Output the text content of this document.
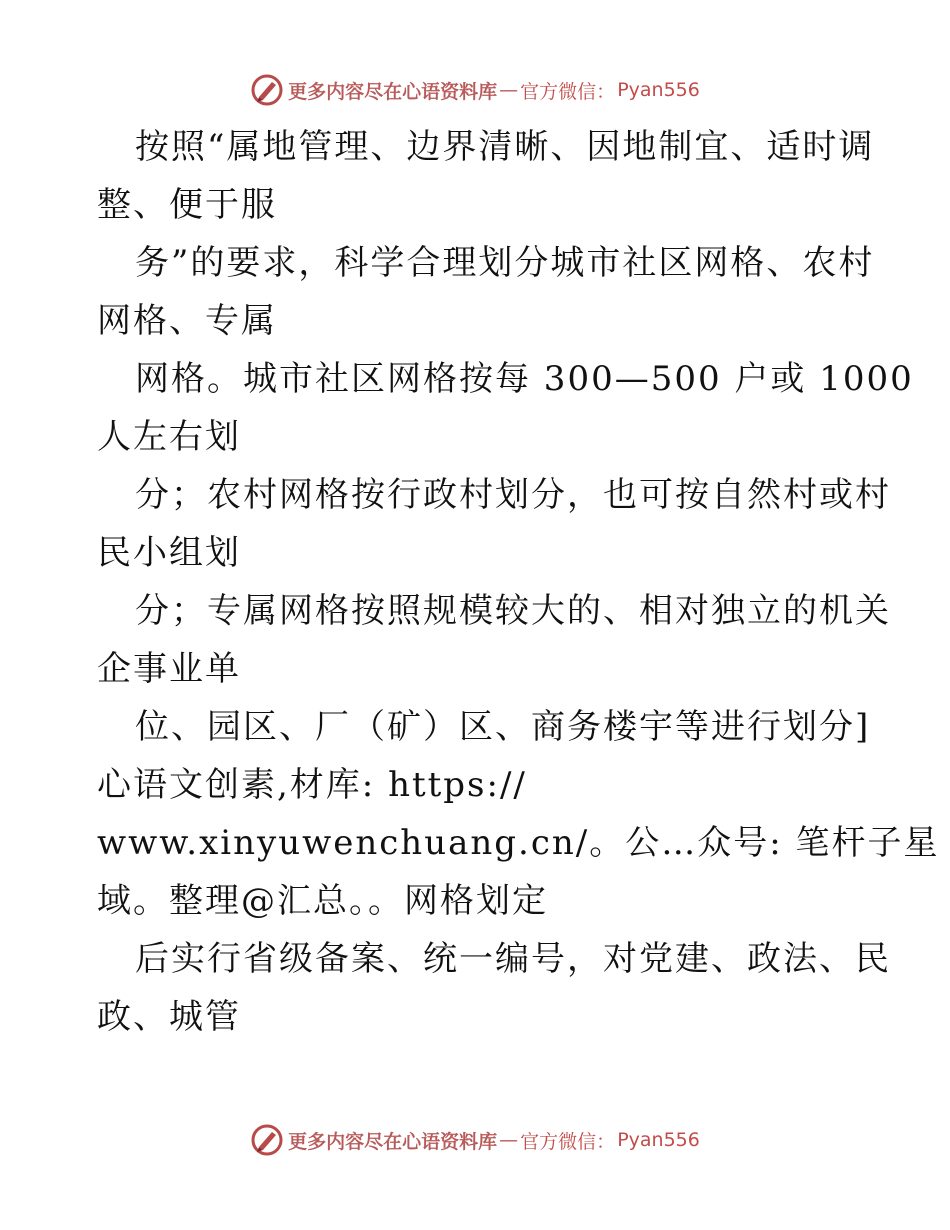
更多内容尽在心语资料库 — 官方微信： Pyan556
按照“属地管理、边界清晰、因地制宜、适时调
整、便于服
务”的要求，科学合理划分城市社区网格、农村
网格、专属
网格。城市社区网格按每 300—500 户或 1000
人左右划
分；农村网格按行政村划分，也可按自然村或村
民小组划
分；专属网格按照规模较大的、相对独立的机关
企事业单
位、园区、厂（矿）区、商务楼宇等进行划分]
心语文创素,材库: https://
www.xinyuwenchuang.cn/。公…众号: 笔杆子星
域。整理@汇总。。网格划定
后实行省级备案、统一编号，对党建、政法、民
政、城管
更多内容尽在心语资料库 — 官方微信： Pyan556
